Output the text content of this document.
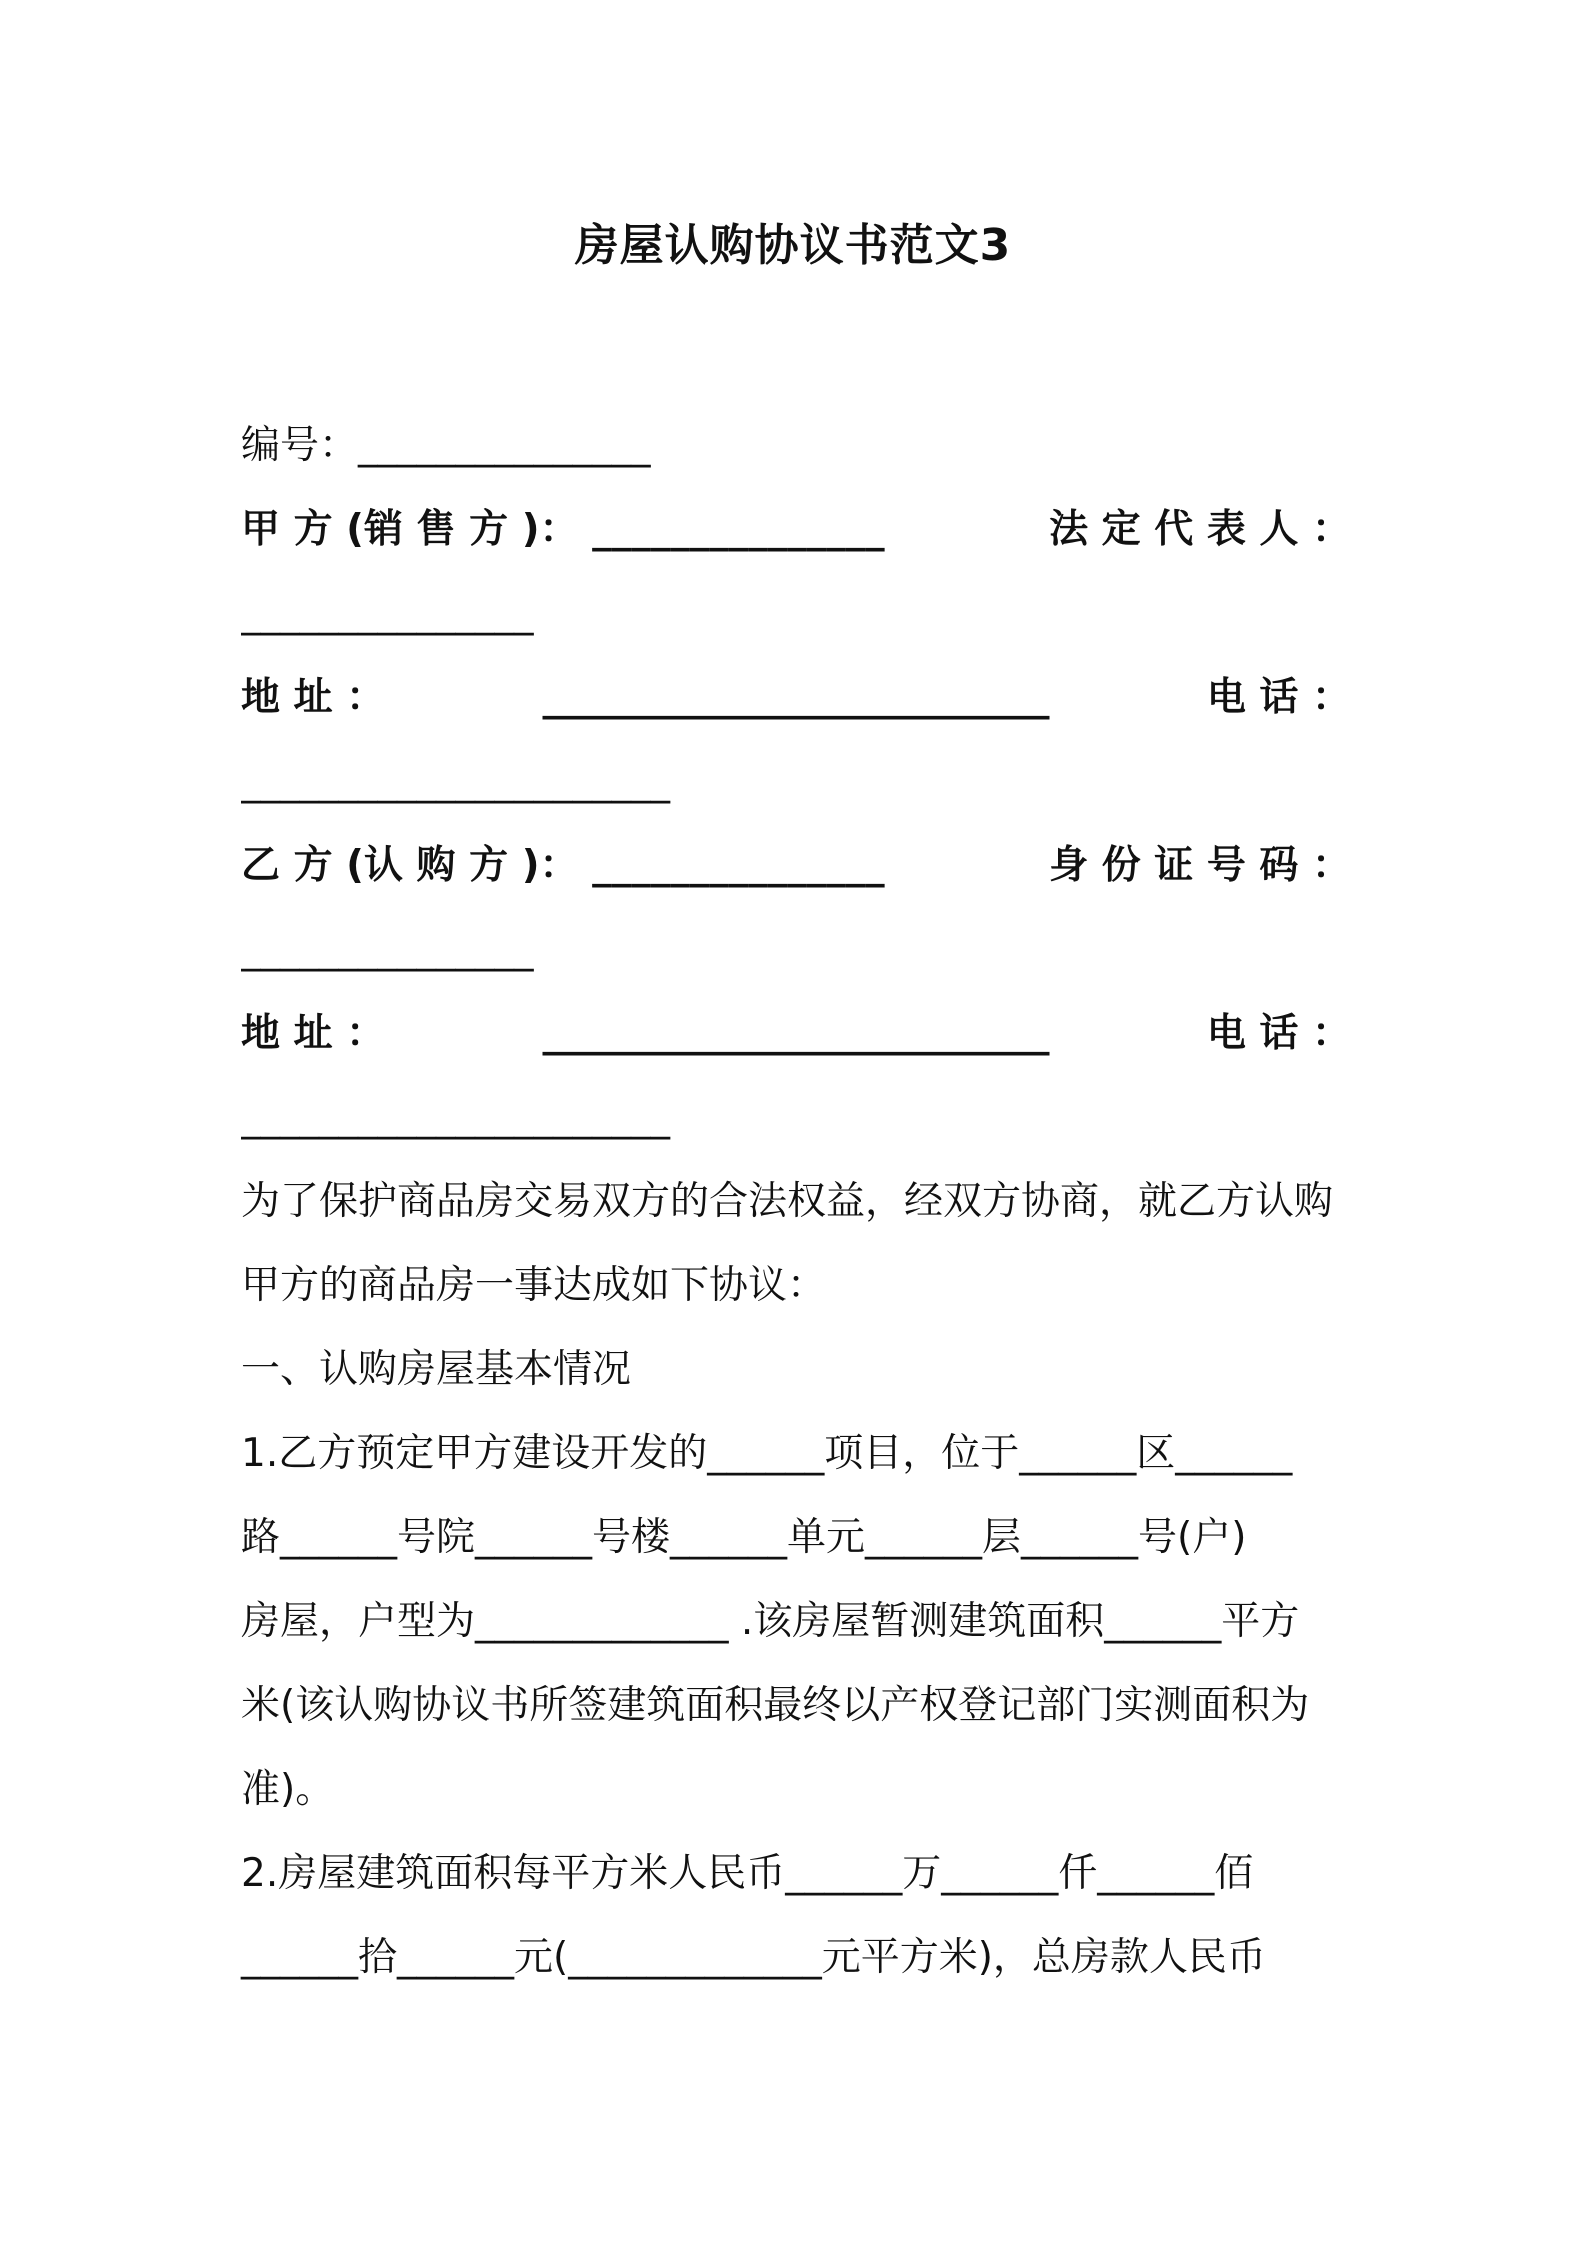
房屋认购协议书范文3
编号：_______________
甲 方 (销 售 方 )： _______________	法 定 代 表 人 ：
_______________
地 址 ：	__________________________	电 话 ：
______________________
乙 方 (认 购 方 )： _______________	身 份 证 号 码 ：
_______________
地 址 ：	__________________________	电 话 ：
______________________
为了保护商品房交易双方的合法权益，经双方协商，就乙方认购
甲方的商品房一事达成如下协议：
一、认购房屋基本情况
1.乙方预定甲方建设开发的______项目，位于______区______
路______号院______号楼______单元______层______号(户)
房屋，户型为_____________ .该房屋暂测建筑面积______平方
米(该认购协议书所签建筑面积最终以产权登记部门实测面积为
准)。
2.房屋建筑面积每平方米人民币______万______仟______佰
______拾______元(_____________元平方米)，总房款人民币
